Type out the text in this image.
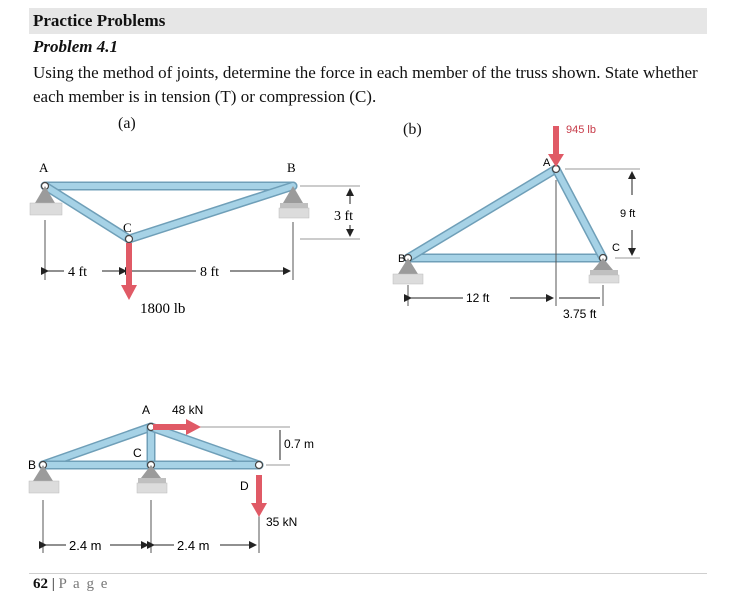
Practice Problems
Problem 4.1
Using the method of joints, determine the force in each member of the truss shown. State whether each member is in tension (T) or compression (C).
(a)	(b)
A	B
C
4 ft	8 ft
3 ft
1800 lb
B
A
C
12 ft
3.75 ft
9 ft
945 lb
B
A
C
D
48 kN
35 kN
0.7 m
2.4 m	2.4 m
62 | P a g e
